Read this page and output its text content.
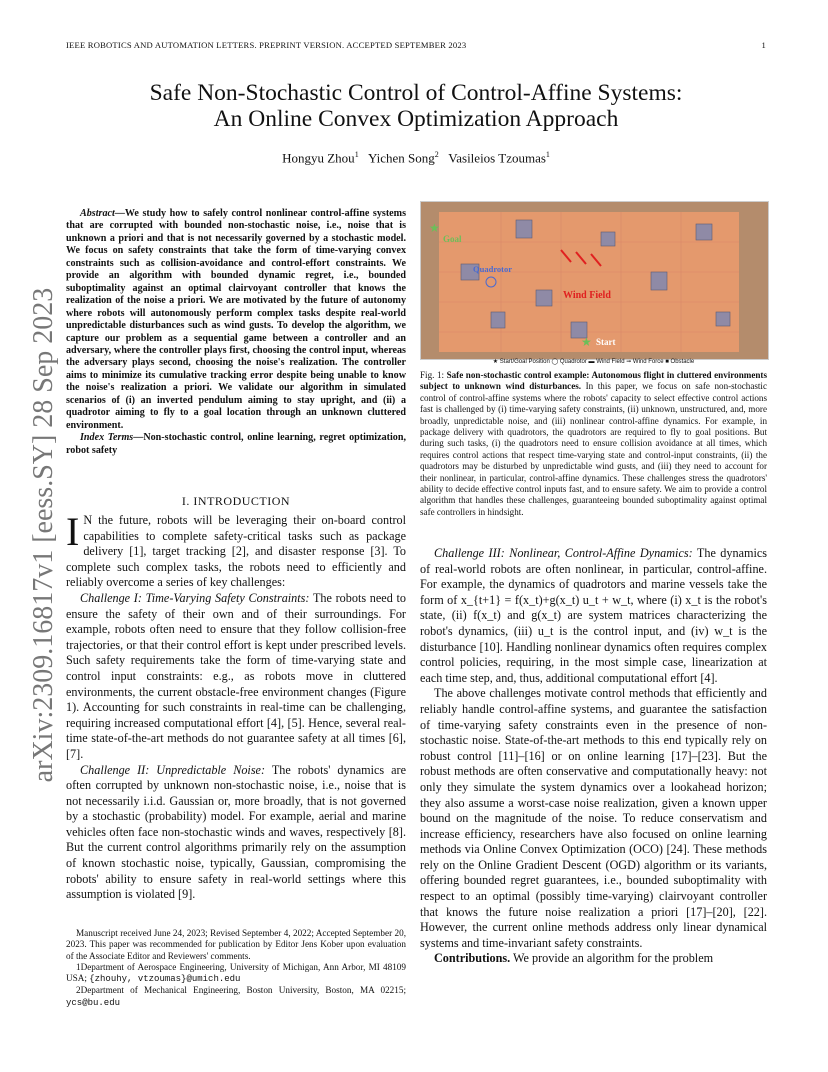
IEEE ROBOTICS AND AUTOMATION LETTERS. PREPRINT VERSION. ACCEPTED SEPTEMBER 2023	1
arXiv:2309.16817v1 [eess.SY] 28 Sep 2023
Safe Non-Stochastic Control of Control-Affine Systems:
An Online Convex Optimization Approach
Hongyu Zhou$^1$ Yichen Song$^2$ Vasileios Tzoumas$^1$
Abstract—We study how to safely control nonlinear control-affine systems that are corrupted with bounded non-stochastic noise, i.e., noise that is unknown a priori and that is not necessarily governed by a stochastic model. We focus on safety constraints that take the form of time-varying convex constraints such as collision-avoidance and control-effort constraints. We provide an algorithm with bounded dynamic regret, i.e., bounded suboptimality against an optimal clairvoyant controller that knows the realization of the noise a priori. We are motivated by the future of autonomy where robots will autonomously perform complex tasks despite real-world unpredictable disturbances such as wind gusts. To develop the algorithm, we capture our problem as a sequential game between a controller and an adversary, where the controller plays first, choosing the control input, whereas the adversary plays second, choosing the noise's realization. The controller aims to minimize its cumulative tracking error despite being unable to know the noise's realization a priori. We validate our algorithm in simulated scenarios of (i) an inverted pendulum aiming to stay upright, and (ii) a quadrotor aiming to fly to a goal location through an unknown cluttered environment.
Index Terms—Non-stochastic control, online learning, regret optimization, robot safety
I. INTRODUCTION

I N the future, robots will be leveraging their on-board control capabilities to complete safety-critical tasks such as package delivery [1], target tracking [2], and disaster response [3]. To complete such complex tasks, the robots need to efficiently and reliably overcome a series of key challenges:

Challenge I: Time-Varying Safety Constraints: The robots need to ensure the safety of their own and of their surroundings. For example, robots often need to ensure that they follow collision-free trajectories, or that their control effort is kept under prescribed levels. Such safety requirements take the form of time-varying state and control input constraints: e.g., as robots move in cluttered environments, the current obstacle-free environment changes (Figure 1). Accounting for such constraints in real-time can be challenging, requiring increased computational effort [4], [5]. Hence, several real-time state-of-the-art methods do not guarantee safety at all times [6], [7].

Challenge II: Unpredictable Noise: The robots' dynamics are often corrupted by unknown non-stochastic noise, i.e., noise that is not necessarily i.i.d. Gaussian or, more broadly, that is not governed by a stochastic (probability) model. For example, aerial and marine vehicles often face non-stochastic winds and waves, respectively [8]. But the current control algorithms primarily rely on the assumption of known stochastic noise, typically, Gaussian, compromising the robots' ability to ensure safety in real-world settings where this assumption is violated [9].

Manuscript received June 24, 2023; Revised September 4, 2022; Accepted September 20, 2023. This paper was recommended for publication by Editor Jens Kober upon evaluation of the Associate Editor and Reviewers' comments.

1Department of Aerospace Engineering, University of Michigan, Ann Arbor, MI 48109 USA; {zhouhy, vtzoumas}@umich.edu

2Department of Mechanical Engineering, Boston University, Boston, MA 02215; ycs@bu.edu

Goal
Quadrotor
Wind Field
Start
★
★
★ Start/Goal Position ◯ Quadrotor ▬ Wind Field ➞ Wind Force ■ Obstacle
Fig. 1: Safe non-stochastic control example: Autonomous flight in cluttered environments subject to unknown wind disturbances. In this paper, we focus on safe non-stochastic control of control-affine systems where the robots' capacity to select effective control actions fast is challenged by (i) time-varying safety constraints, (ii) unknown, unstructured, and, more broadly, unpredictable noise, and (iii) nonlinear control-affine dynamics. For example, in package delivery with quadrotors, the quadrotors are required to fly to goal positions. But during such tasks, (i) the quadrotors need to ensure collision avoidance at all times, which requires control actions that respect time-varying state and control-input constraints, (ii) the quadrotors may be disturbed by unpredictable wind gusts, and (iii) they need to account for their nonlinear, in particular, control-affine dynamics. These challenges stress the quadrotors' ability to decide effective control inputs fast, and to ensure safety. We aim to provide a control algorithm that handles these challenges, guaranteeing bounded suboptimality against optimal safe controllers in hindsight.

Challenge III: Nonlinear, Control-Affine Dynamics: The dynamics of real-world robots are often nonlinear, in particular, control-affine. For example, the dynamics of quadrotors and marine vessels take the form of x_{t+1} = f(x_t)+g(x_t) u_t + w_t, where (i) x_t is the robot's state, (ii) f(x_t) and g(x_t) are system matrices characterizing the robot's dynamics, (iii) u_t is the control input, and (iv) w_t is the disturbance [10]. Handling nonlinear dynamics often requires complex control policies, requiring, in the most simple case, linearization at each time step, and, thus, additional computational effort [4].

The above challenges motivate control methods that efficiently and reliably handle control-affine systems, and guarantee the satisfaction of time-varying safety constraints even in the presence of non-stochastic noise. State-of-the-art methods to this end typically rely on robust control [11]–[16] or on online learning [17]–[23]. But the robust methods are often conservative and computationally heavy: not only they simulate the system dynamics over a lookahead horizon; they also assume a worst-case noise realization, given a known upper bound on the magnitude of the noise. To reduce conservatism and increase efficiency, researchers have also focused on online learning methods via Online Convex Optimization (OCO) [24]. These methods rely on the Online Gradient Descent (OGD) algorithm or its variants, offering bounded regret guarantees, i.e., bounded suboptimality with respect to an optimal (possibly time-varying) clairvoyant controller that knows the future noise realization a priori [17]–[20], [22]. However, the current online methods address only linear dynamical systems and time-invariant safety constraints.

Contributions. We provide an algorithm for the problem
